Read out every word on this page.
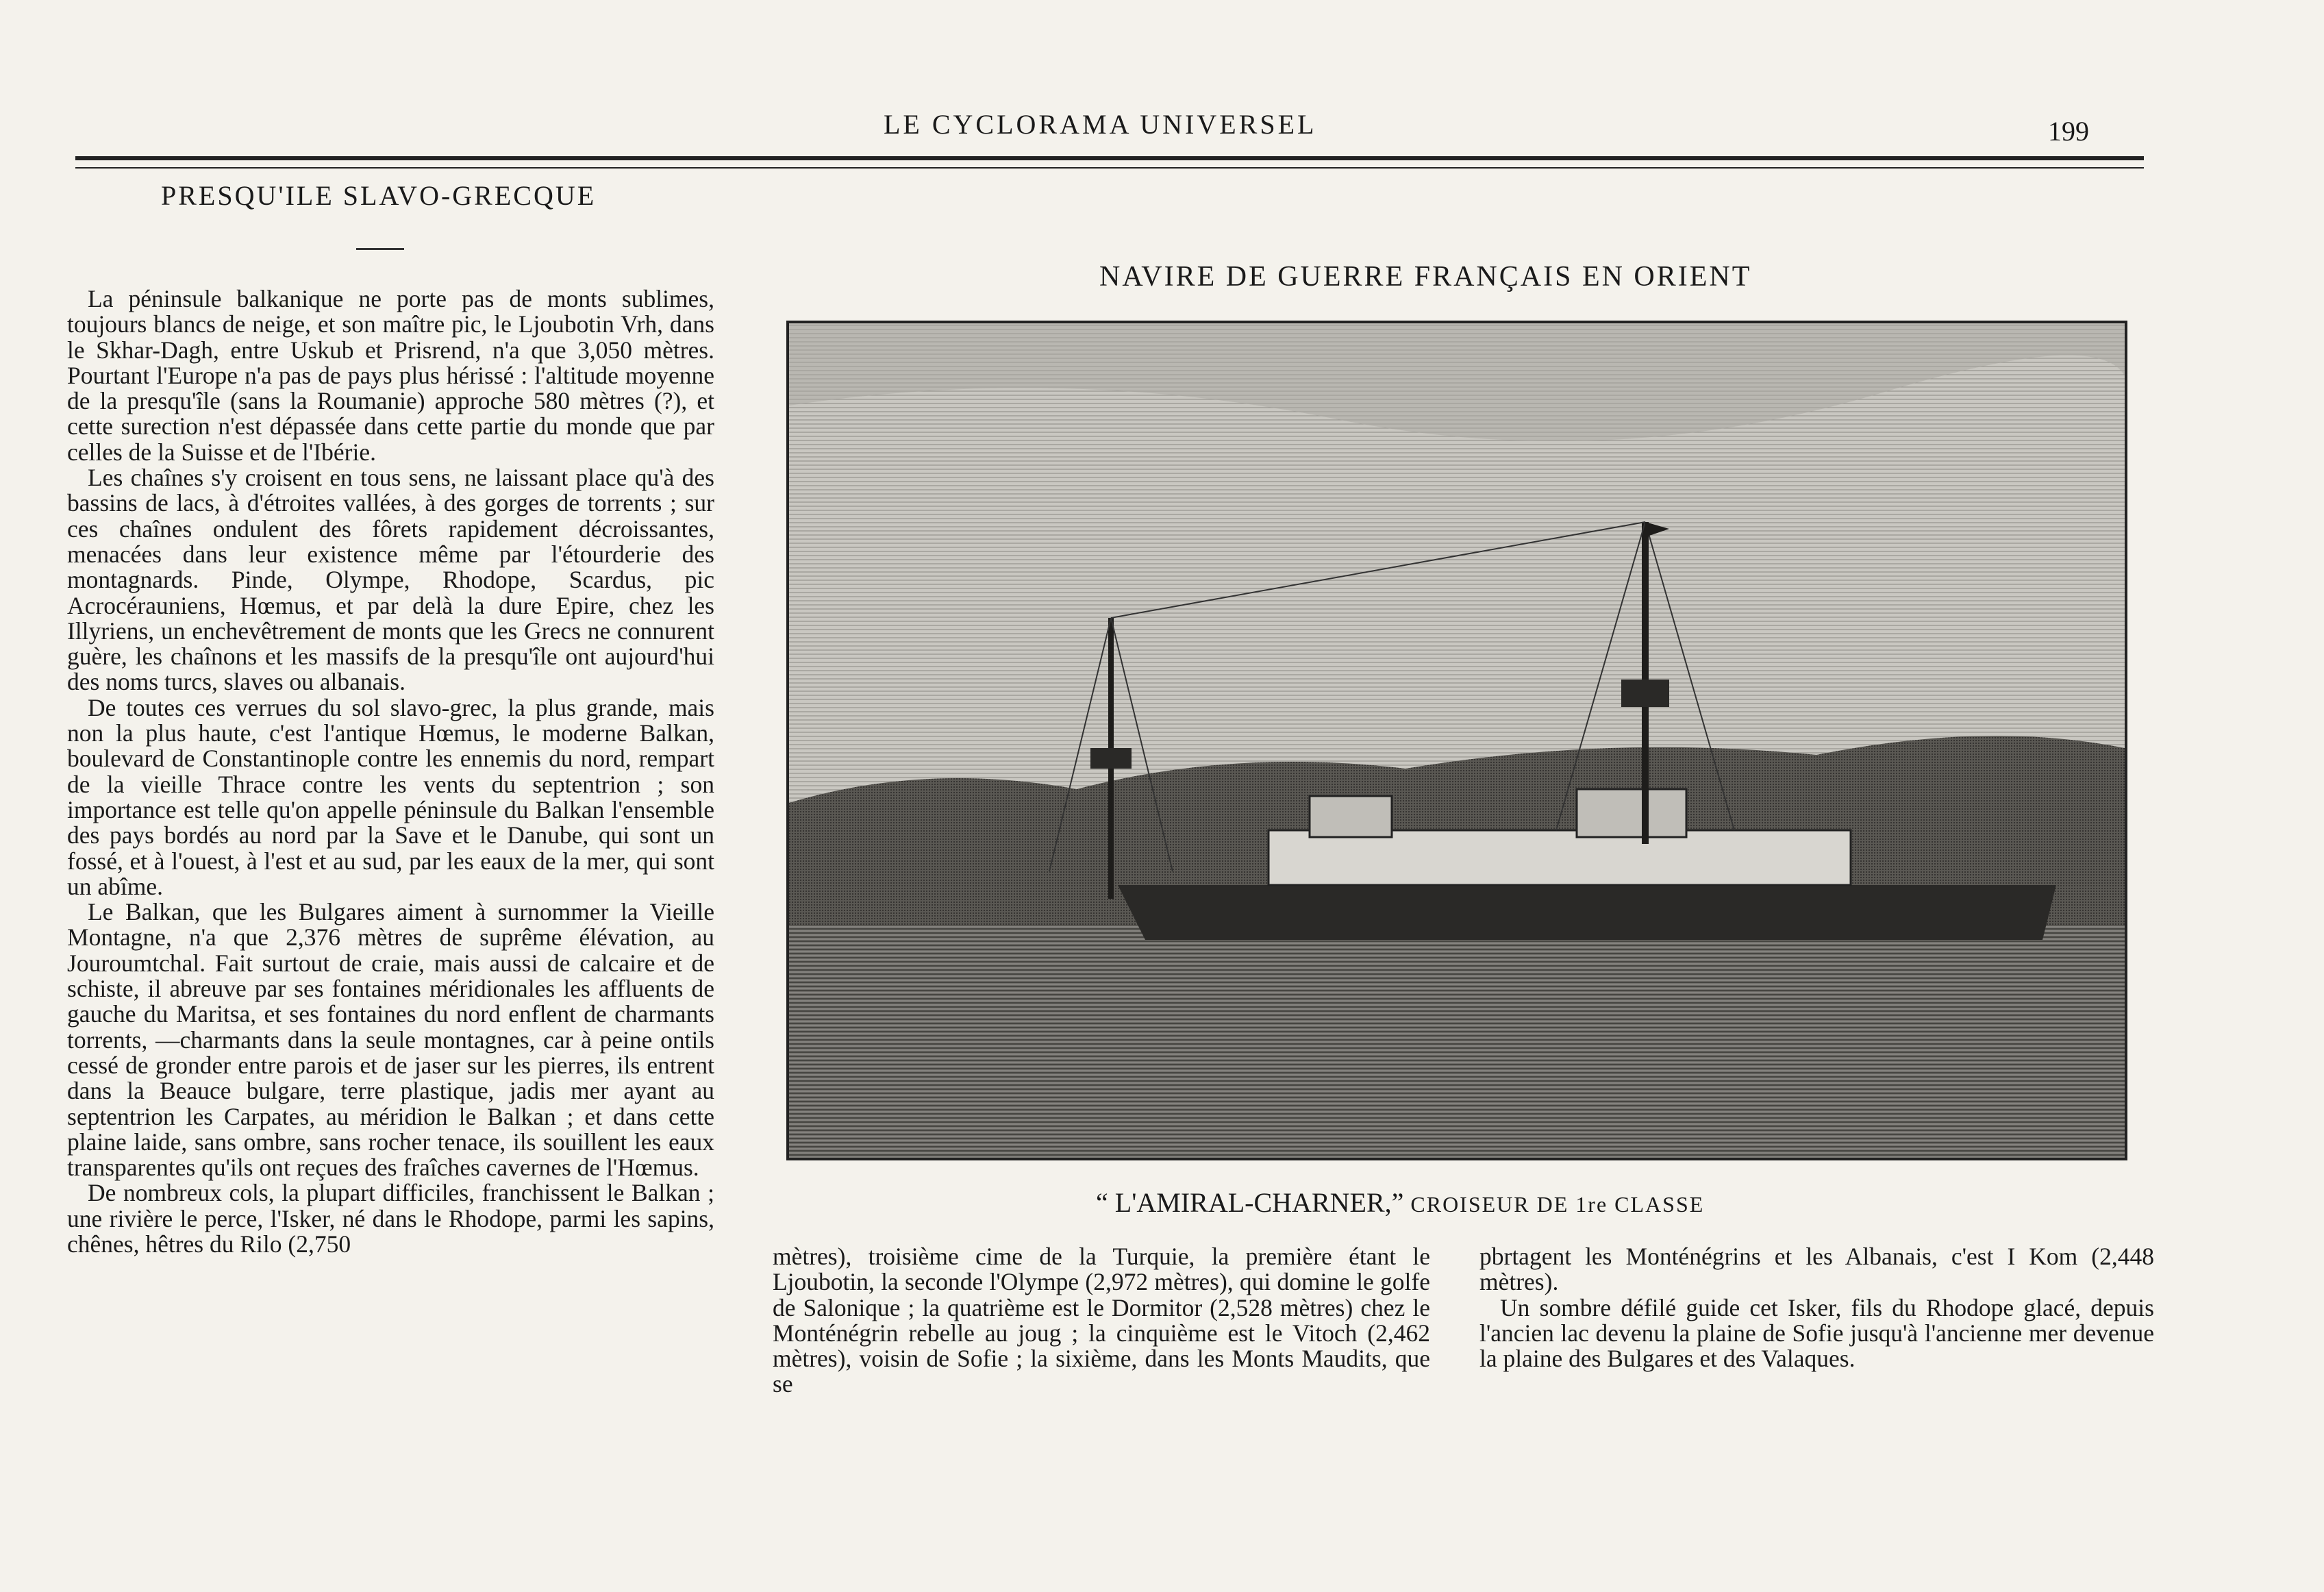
LE CYCLORAMA UNIVERSEL	199
PRESQU'ILE SLAVO-GRECQUE

La péninsule balkanique ne porte pas de monts sublimes, toujours blancs de neige, et son maître pic, le Ljoubotin Vrh, dans le Skhar-Dagh, entre Uskub et Prisrend, n'a que 3,050 mètres. Pourtant l'Europe n'a pas de pays plus hérissé : l'altitude moyenne de la presqu'île (sans la Roumanie) approche 580 mètres (?), et cette surection n'est dépassée dans cette partie du monde que par celles de la Suisse et de l'Ibérie.

Les chaînes s'y croisent en tous sens, ne laissant place qu'à des bassins de lacs, à d'étroites vallées, à des gorges de torrents ; sur ces chaînes ondulent des fôrets rapidement décroissantes, menacées dans leur existence même par l'étourderie des montagnards. Pinde, Olympe, Rhodope, Scardus, pic Acrocérauniens, Hœmus, et par delà la dure Epire, chez les Illyriens, un enchevêtrement de monts que les Grecs ne connurent guère, les chaînons et les massifs de la presqu'île ont aujourd'hui des noms turcs, slaves ou albanais.

De toutes ces verrues du sol slavo-grec, la plus grande, mais non la plus haute, c'est l'antique Hœmus, le moderne Balkan, boulevard de Constantinople contre les ennemis du nord, rempart de la vieille Thrace contre les vents du septentrion ; son importance est telle qu'on appelle péninsule du Balkan l'ensemble des pays bordés au nord par la Save et le Danube, qui sont un fossé, et à l'ouest, à l'est et au sud, par les eaux de la mer, qui sont un abîme.

Le Balkan, que les Bulgares aiment à surnommer la Vieille Montagne, n'a que 2,376 mètres de suprême élévation, au Jouroumtchal. Fait surtout de craie, mais aussi de calcaire et de schiste, il abreuve par ses fontaines méridionales les affluents de gauche du Maritsa, et ses fontaines du nord enflent de charmants torrents, —charmants dans la seule montagnes, car à peine ontils cessé de gronder entre parois et de jaser sur les pierres, ils entrent dans la Beauce bulgare, terre plastique, jadis mer ayant au septentrion les Carpates, au méridion le Balkan ; et dans cette plaine laide, sans ombre, sans rocher tenace, ils souillent les eaux transparentes qu'ils ont reçues des fraîches cavernes de l'Hœmus.

De nombreux cols, la plupart difficiles, franchissent le Balkan ; une rivière le perce, l'Isker, né dans le Rhodope, parmi les sapins, chênes, hêtres du Rilo (2,750

NAVIRE DE GUERRE FRANÇAIS EN ORIENT
“ L'AMIRAL-CHARNER,” CROISEUR DE 1re CLASSE

mètres), troisième cime de la Turquie, la première étant le Ljoubotin, la seconde l'Olympe (2,972 mètres), qui domine le golfe de Salonique ; la quatrième est le Dormitor (2,528 mètres) chez le Monténégrin rebelle au joug ; la cinquième est le Vitoch (2,462 mètres), voisin de Sofie ; la sixième, dans les Monts Maudits, que se

pbrtagent les Monténégrins et les Albanais, c'est I Kom (2,448 mètres).

Un sombre défilé guide cet Isker, fils du Rhodope glacé, depuis l'ancien lac devenu la plaine de Sofie jusqu'à l'ancienne mer devenue la plaine des Bulgares et des Valaques.
